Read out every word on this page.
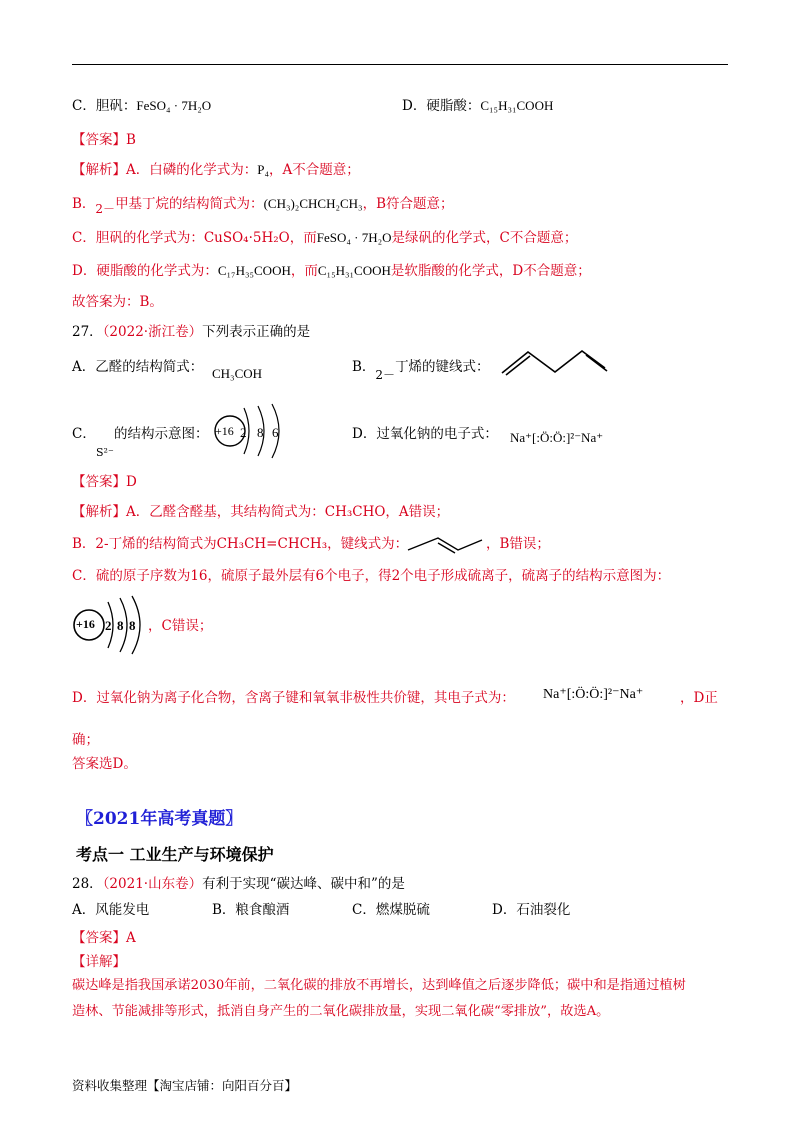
C．胆矾：FeSO₄ · 7H₂O	D．硬脂酸：C₁₅H₃₁COOH
【答案】B
【解析】A．白磷的化学式为：P₄，A不合题意；
B．2－甲基丁烷的结构简式为：(CH₃)₂CHCH₂CH₃，B符合题意；
C．胆矾的化学式为：CuSO₄·5H₂O，而FeSO₄ · 7H₂O是绿矾的化学式，C不合题意；
D．硬脂酸的化学式为：C₁₇H₃₅COOH，而C₁₅H₃₁COOH是软脂酸的化学式，D不合题意；
故答案为：B。
27．（2022·浙江卷）下列表示正确的是
A．乙醛的结构简式： CH₃COH	B．2－丁烯的键线式：
C． 的结构示意图：
S²⁻
+16 2 8 6	D．过氧化钠的电子式： Na⁺[:Ö:Ö:]²⁻Na⁺
【答案】D
【解析】A．乙醛含醛基，其结构简式为：CH₃CHO，A错误；
B．2-丁烯的结构简式为CH₃CH=CHCH₃，键线式为：	，B错误；
C．硫的原子序数为16，硫原子最外层有6个电子，得2个电子形成硫离子，硫离子的结构示意图为：
+16 2 8 8 ，C错误；
D．过氧化钠为离子化合物，含离子键和氧氧非极性共价键，其电子式为： Na⁺[:Ö:Ö:]²⁻Na⁺	，D正
确；
答案选D。
〖2021年高考真题〗
考点一 工业生产与环境保护
28．（2021·山东卷）有利于实现“碳达峰、碳中和”的是
A．风能发电	B．粮食酿酒	C．燃煤脱硫	D．石油裂化
【答案】A
【详解】
碳达峰是指我国承诺2030年前，二氧化碳的排放不再增长，达到峰值之后逐步降低；碳中和是指通过植树
造林、节能减排等形式，抵消自身产生的二氧化碳排放量，实现二氧化碳“零排放”，故选A。
资料收集整理【淘宝店铺：向阳百分百】
